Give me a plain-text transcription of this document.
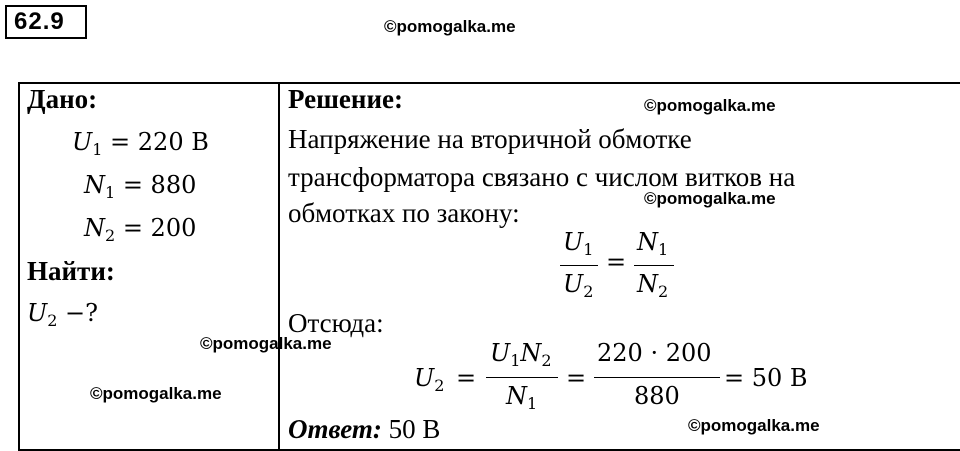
62.9	©pomogalka.me
©pomogalka.me
©pomogalka.me
©pomogalka.me
©pomogalka.me
©pomogalka.me
Дано:
$U_1 = 220$ В
$N_1 = 880$
$N_2 = 200$
Найти:
$U_2$ −?
Решение:
Напряжение на вторичной обмотке
трансформатора связано с числом витков на
обмотках по закону:
$U_1$
$U_2$
=
$N_1$
$N_2$
Отсюда:
$U_2$ =
$U_1N_2$
$N_1$
=
220 · 200
880
= 50 В
Ответ: 50 В
